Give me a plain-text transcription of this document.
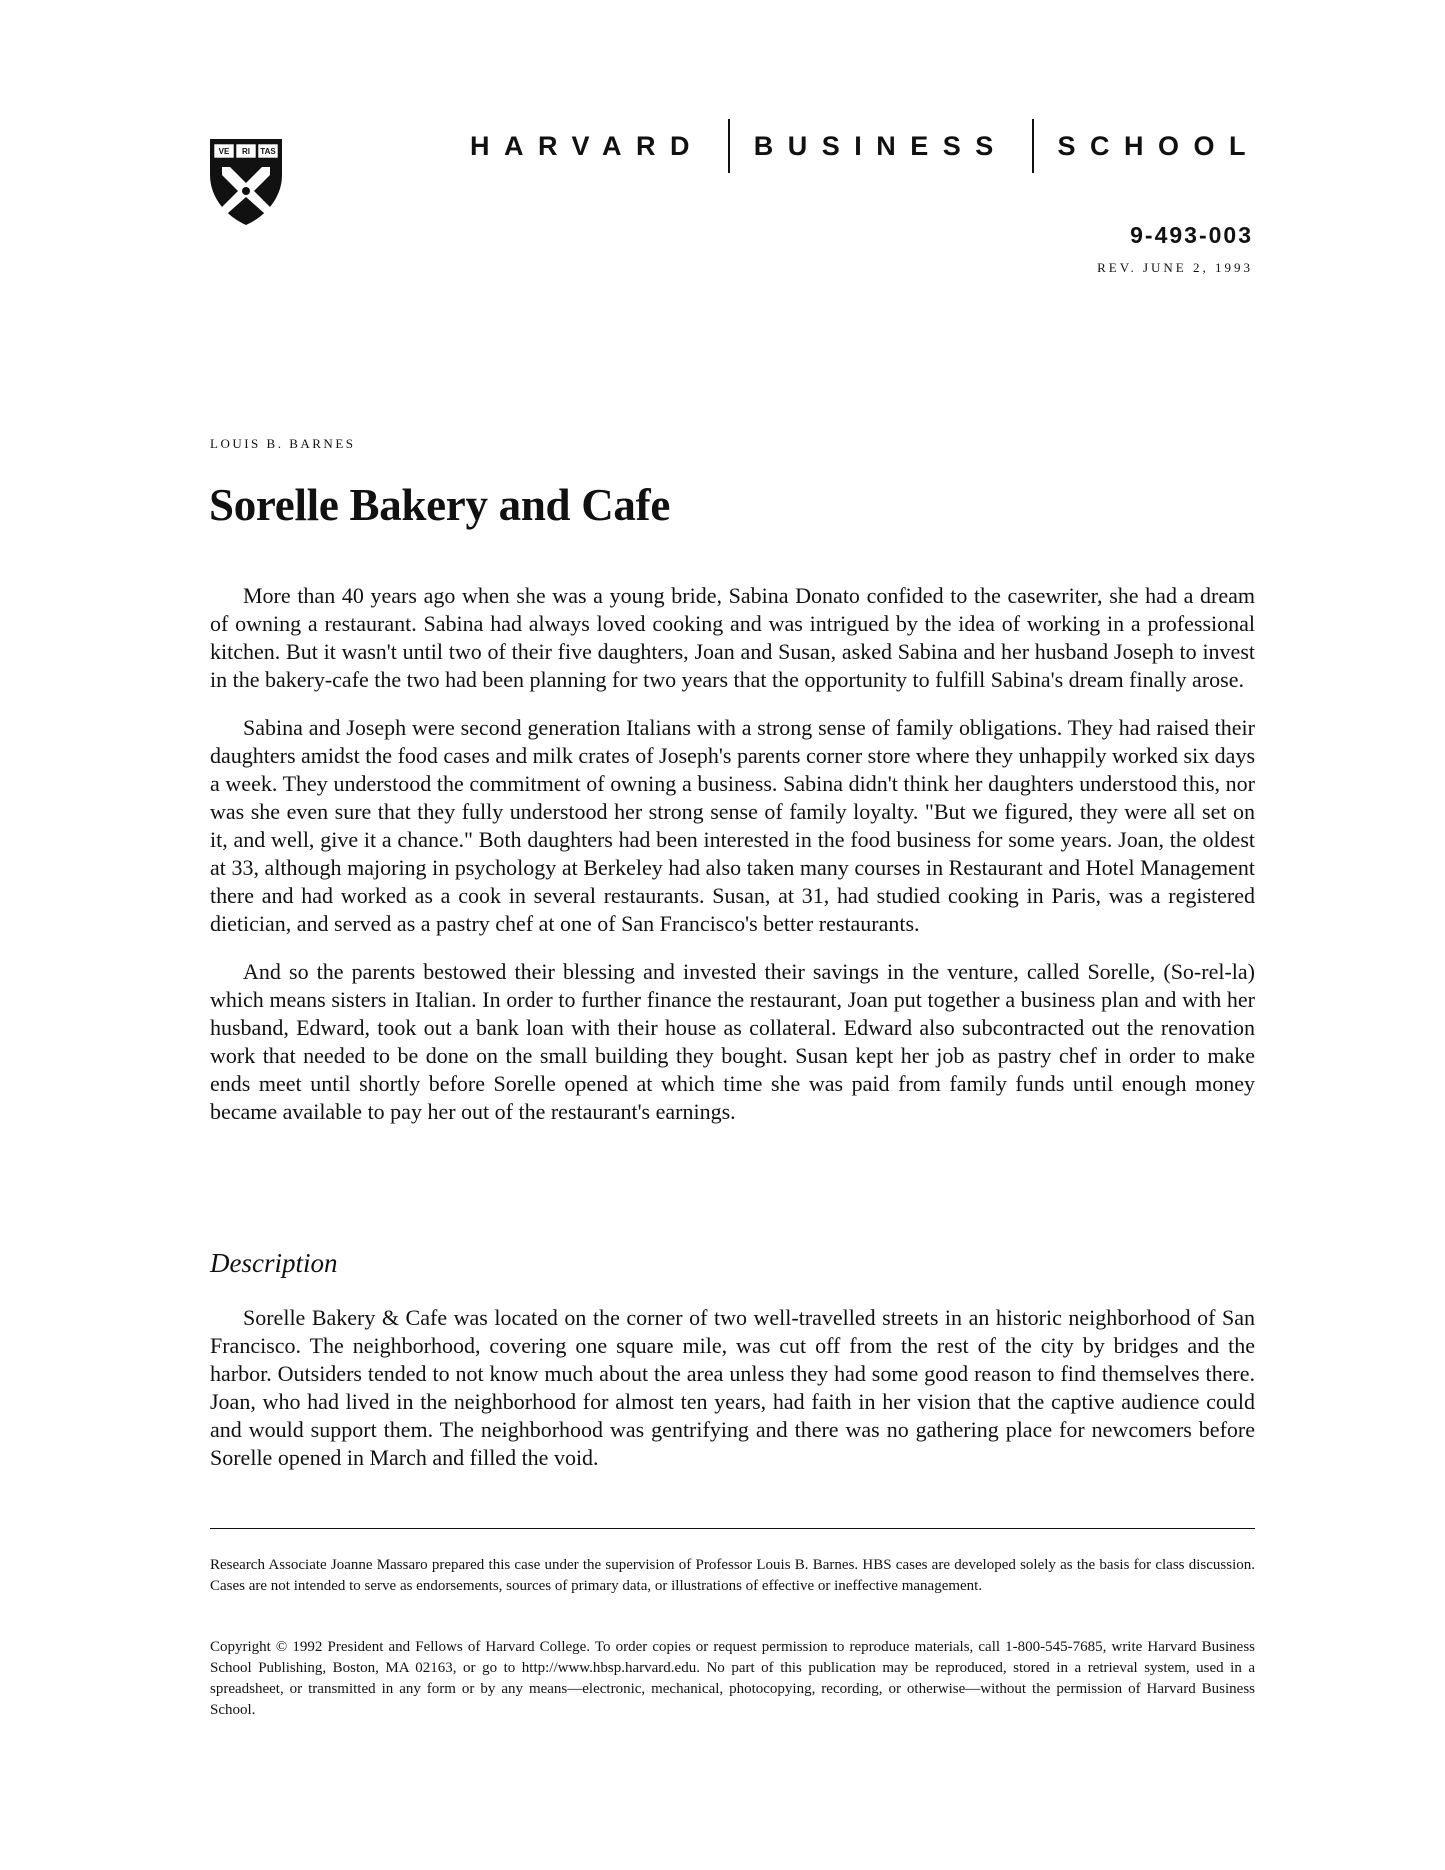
VE RI TAS	HARVARD BUSINESS SCHOOL
9-493-003
REV. JUNE 2, 1993
LOUIS B. BARNES
Sorelle Bakery and Cafe

More than 40 years ago when she was a young bride, Sabina Donato confided to the casewriter, she had a dream of owning a restaurant. Sabina had always loved cooking and was intrigued by the idea of working in a professional kitchen. But it wasn't until two of their five daughters, Joan and Susan, asked Sabina and her husband Joseph to invest in the bakery-cafe the two had been planning for two years that the opportunity to fulfill Sabina's dream finally arose.

Sabina and Joseph were second generation Italians with a strong sense of family obligations. They had raised their daughters amidst the food cases and milk crates of Joseph's parents corner store where they unhappily worked six days a week. They understood the commitment of owning a business. Sabina didn't think her daughters understood this, nor was she even sure that they fully understood her strong sense of family loyalty. "But we figured, they were all set on it, and well, give it a chance." Both daughters had been interested in the food business for some years. Joan, the oldest at 33, although majoring in psychology at Berkeley had also taken many courses in Restaurant and Hotel Management there and had worked as a cook in several restaurants. Susan, at 31, had studied cooking in Paris, was a registered dietician, and served as a pastry chef at one of San Francisco's better restaurants.

And so the parents bestowed their blessing and invested their savings in the venture, called Sorelle, (So-rel-la) which means sisters in Italian. In order to further finance the restaurant, Joan put together a business plan and with her husband, Edward, took out a bank loan with their house as collateral. Edward also subcontracted out the renovation work that needed to be done on the small building they bought. Susan kept her job as pastry chef in order to make ends meet until shortly before Sorelle opened at which time she was paid from family funds until enough money became available to pay her out of the restaurant's earnings.

Description

Sorelle Bakery & Cafe was located on the corner of two well-travelled streets in an historic neighborhood of San Francisco. The neighborhood, covering one square mile, was cut off from the rest of the city by bridges and the harbor. Outsiders tended to not know much about the area unless they had some good reason to find themselves there. Joan, who had lived in the neighborhood for almost ten years, had faith in her vision that the captive audience could and would support them. The neighborhood was gentrifying and there was no gathering place for newcomers before Sorelle opened in March and filled the void.

Research Associate Joanne Massaro prepared this case under the supervision of Professor Louis B. Barnes. HBS cases are developed solely as the basis for class discussion. Cases are not intended to serve as endorsements, sources of primary data, or illustrations of effective or ineffective management.

Copyright © 1992 President and Fellows of Harvard College. To order copies or request permission to reproduce materials, call 1-800-545-7685, write Harvard Business School Publishing, Boston, MA 02163, or go to http://www.hbsp.harvard.edu. No part of this publication may be reproduced, stored in a retrieval system, used in a spreadsheet, or transmitted in any form or by any means—electronic, mechanical, photocopying, recording, or otherwise—without the permission of Harvard Business School.
